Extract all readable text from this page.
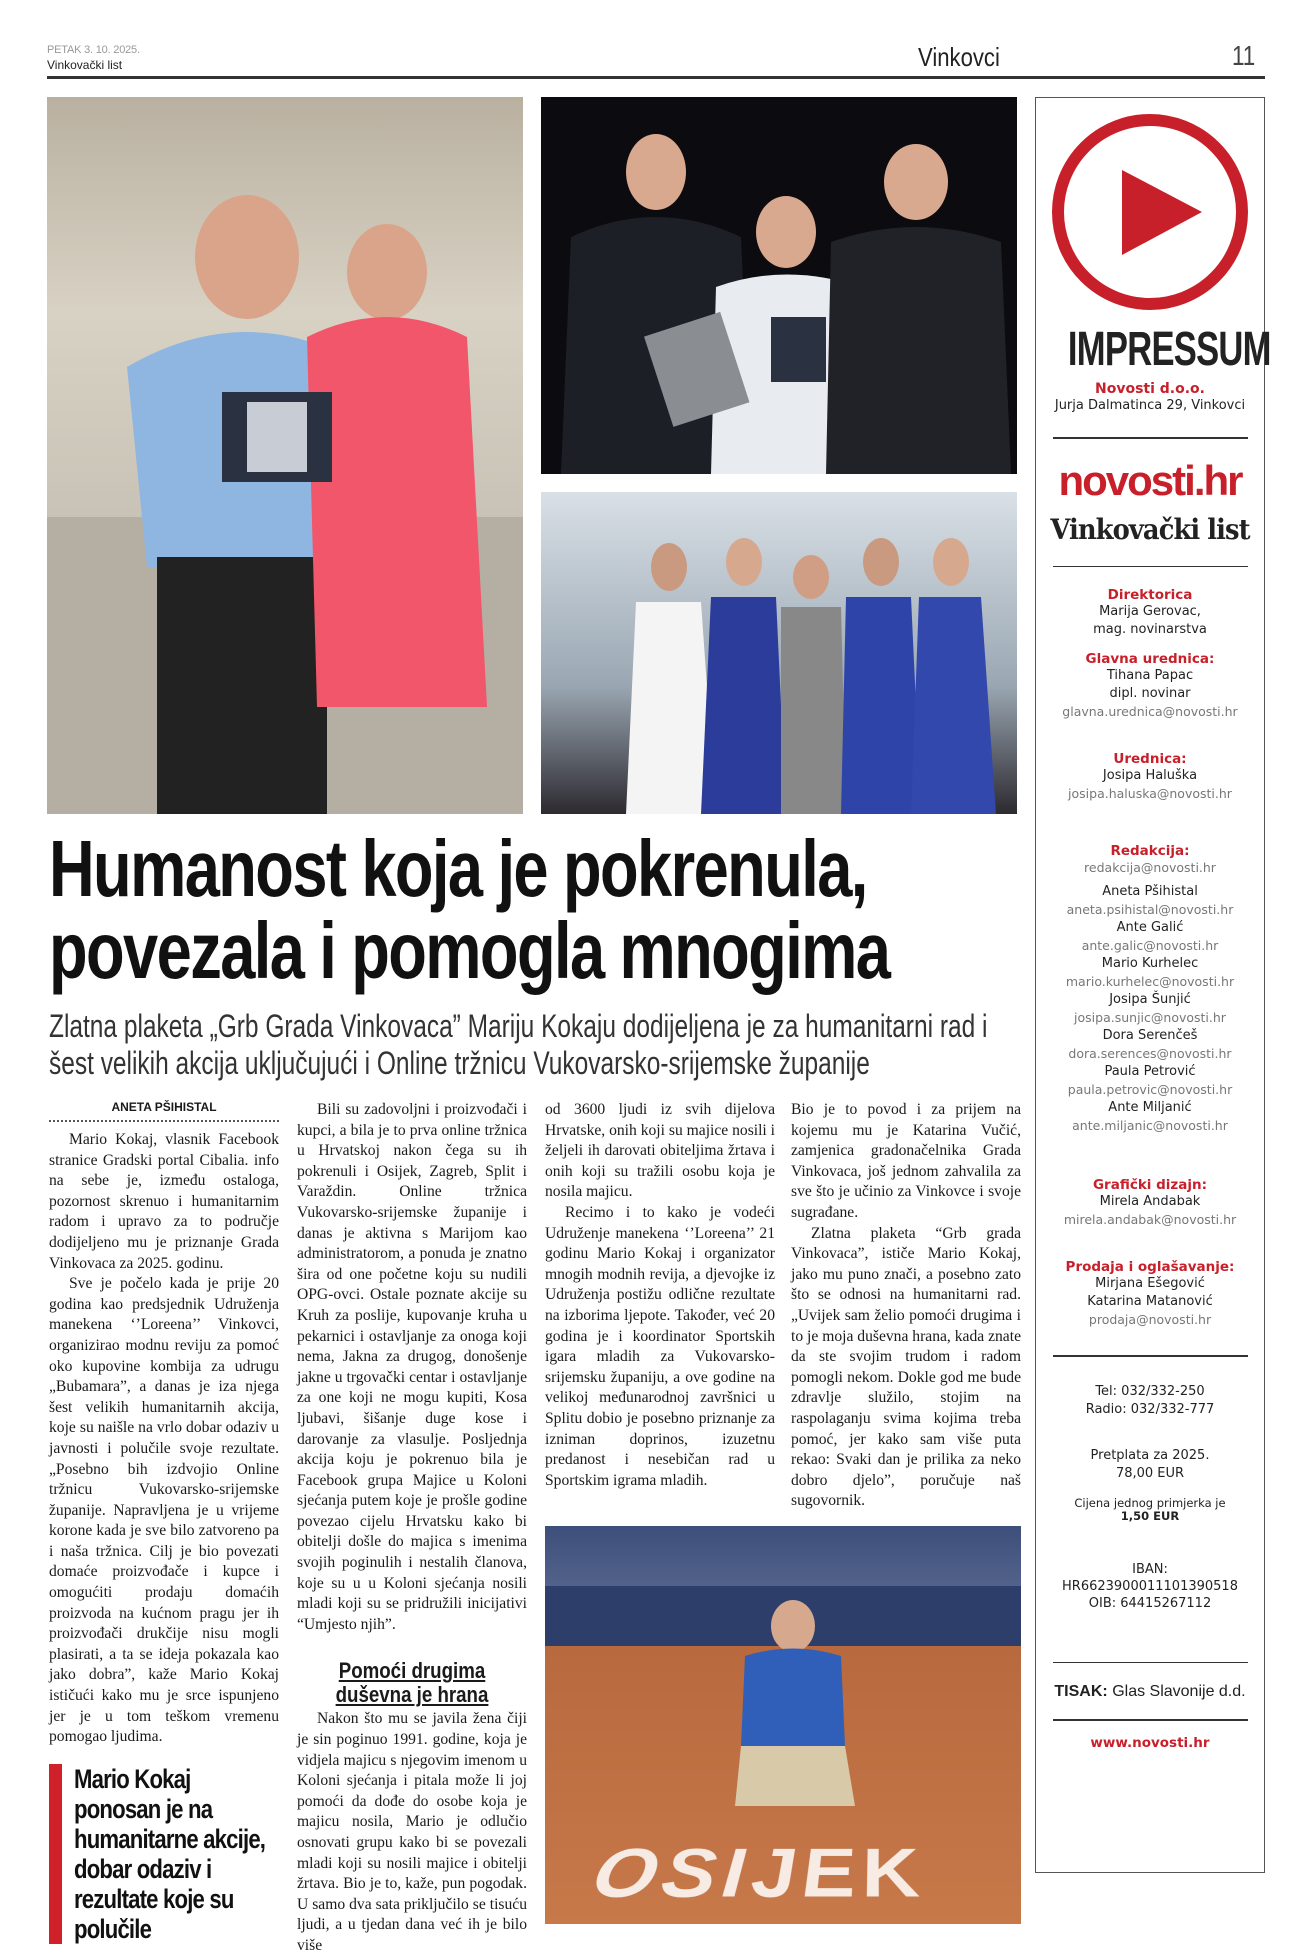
PETAK 3. 10. 2025.
Vinkovački list	Vinkovci	11
Humanost koja je pokrenula,
povezala i pomogla mnogima
Zlatna plaketa „Grb Grada Vinkovaca” Mariju Kokaju dodijeljena je za humanitarni rad i šest velikih akcija uključujući i Online tržnicu Vukovarsko-srijemske županije
ANETA PŠIHISTAL

Mario Kokaj, vlasnik Facebook stranice Gradski portal Cibalia. info na sebe je, između ostaloga, pozornost skrenuo i humanitarnim radom i upravo za to područje dodijeljeno mu je priznanje Grada Vinkovaca za 2025. godinu.

Sve je počelo kada je prije 20 godina kao predsjednik Udruženja manekena ‘’Loreena’’ Vinkovci, organizirao modnu reviju za pomoć oko kupovine kombija za udrugu „Bubamara”, a danas je iza njega šest velikih humanitarnih akcija, koje su naišle na vrlo dobar odaziv u javnosti i polučile svoje rezultate. „Posebno bih izdvojio Online tržnicu Vukovarsko-srijemske županije. Napravljena je u vrijeme korone kada je sve bilo zatvoreno pa i naša tržnica. Cilj je bio povezati domaće proizvođače i kupce i omogućiti prodaju domaćih proizvoda na kućnom pragu jer ih proizvođači drukčije nisu mogli plasirati, a ta se ideja pokazala kao jako dobra”, kaže Mario Kokaj ističući kako mu je srce ispunjeno jer je u tom teškom vremenu pomogao ljudima.

Mario Kokaj ponosan je na humanitarne akcije, dobar odaziv i rezultate koje su polučile

Bili su zadovoljni i proizvođači i kupci, a bila je to prva online tržnica u Hrvatskoj nakon čega su ih pokrenuli i Osijek, Zagreb, Split i Varaždin. Online tržnica Vukovarsko-srijemske županije i danas je aktivna s Marijom kao administratorom, a ponuda je znatno šira od one početne koju su nudili OPG-ovci. Ostale poznate akcije su Kruh za poslije, kupovanje kruha u pekarnici i ostavljanje za onoga koji nema, Jakna za drugog, donošenje jakne u trgovački centar i ostavljanje za one koji ne mogu kupiti, Kosa ljubavi, šišanje duge kose i darovanje za vlasulje. Posljednja akcija koju je pokrenuo bila je Facebook grupa Majice u Koloni sjećanja putem koje je prošle godine povezao cijelu Hrvatsku kako bi obitelji došle do majica s imenima svojih poginulih i nestalih članova, koje su u u Koloni sjećanja nosili mladi koji su se pridružili inicijativi “Umjesto njih”.

Pomoći drugima
duševna je hrana

Nakon što mu se javila žena čiji je sin poginuo 1991. godine, koja je vidjela majicu s njegovim imenom u Koloni sjećanja i pitala može li joj pomoći da dođe do osobe koja je majicu nosila, Mario je odlučio osnovati grupu kako bi se povezali mladi koji su nosili majice i obitelji žrtava. Bio je to, kaže, pun pogodak. U samo dva sata priključilo se tisuću ljudi, a u tjedan dana već ih je bilo više

od 3600 ljudi iz svih dijelova Hrvatske, onih koji su majice nosili i željeli ih darovati obiteljima žrtava i onih koji su tražili osobu koja je nosila majicu.

Recimo i to kako je vodeći Udruženje manekena ‘’Loreena’’ 21 godinu Mario Kokaj i organizator mnogih modnih revija, a djevojke iz Udruženja postižu odlične rezultate na izborima ljepote. Također, već 20 godina je i koordinator Sportskih igara mladih za Vukovarsko-srijemsku županiju, a ove godine na velikoj međunarodnoj završnici u Splitu dobio je posebno priznanje za izniman doprinos, izuzetnu predanost i nesebičan rad u Sportskim igrama mladih.

Bio je to povod i za prijem na kojemu mu je Katarina Vučić, zamjenica gradonačelnika Grada Vinkovaca, još jednom zahvalila za sve što je učinio za Vinkovce i svoje sugrađane.

Zlatna plaketa “Grb grada Vinkovaca”, ističe Mario Kokaj, jako mu puno znači, a posebno zato što se odnosi na humanitarni rad. „Uvijek sam želio pomoći drugima i to je moja duševna hrana, kada znate da ste svojim trudom i radom pomogli nekom. Dokle god me bude zdravlje služilo, stojim na raspolaganju svima kojima treba pomoć, jer kako sam više puta rekao: Svaki dan je prilika za neko dobro djelo”, poručuje naš sugovornik.

OSIJEK
IMPRESSUM
Novosti d.o.o.
Jurja Dalmatinca 29, Vinkovci
novosti.hr
Vinkovački list
Direktorica
Marija Gerovac,
mag. novinarstva
Glavna urednica:
Tihana Papac
dipl. novinar
glavna.urednica@novosti.hr
Urednica:
Josipa Haluška
josipa.haluska@novosti.hr
Redakcija:
redakcija@novosti.hr
Aneta Pšihistal
aneta.psihistal@novosti.hr
Ante Galić
ante.galic@novosti.hr
Mario Kurhelec
mario.kurhelec@novosti.hr
Josipa Šunjić
josipa.sunjic@novosti.hr
Dora Serenčeš
dora.serences@novosti.hr
Paula Petrović
paula.petrovic@novosti.hr
Ante Miljanić
ante.miljanic@novosti.hr
Grafički dizajn:
Mirela Andabak
mirela.andabak@novosti.hr
Prodaja i oglašavanje:
Mirjana Ešegović
Katarina Matanović
prodaja@novosti.hr
Tel: 032/332-250
Radio: 032/332-777
Pretplata za 2025.
78,00 EUR
Cijena jednog primjerka je
1,50 EUR
IBAN:
HR6623900011101390518
OIB: 64415267112
TISAK: Glas Slavonije d.d.
www.novosti.hr
